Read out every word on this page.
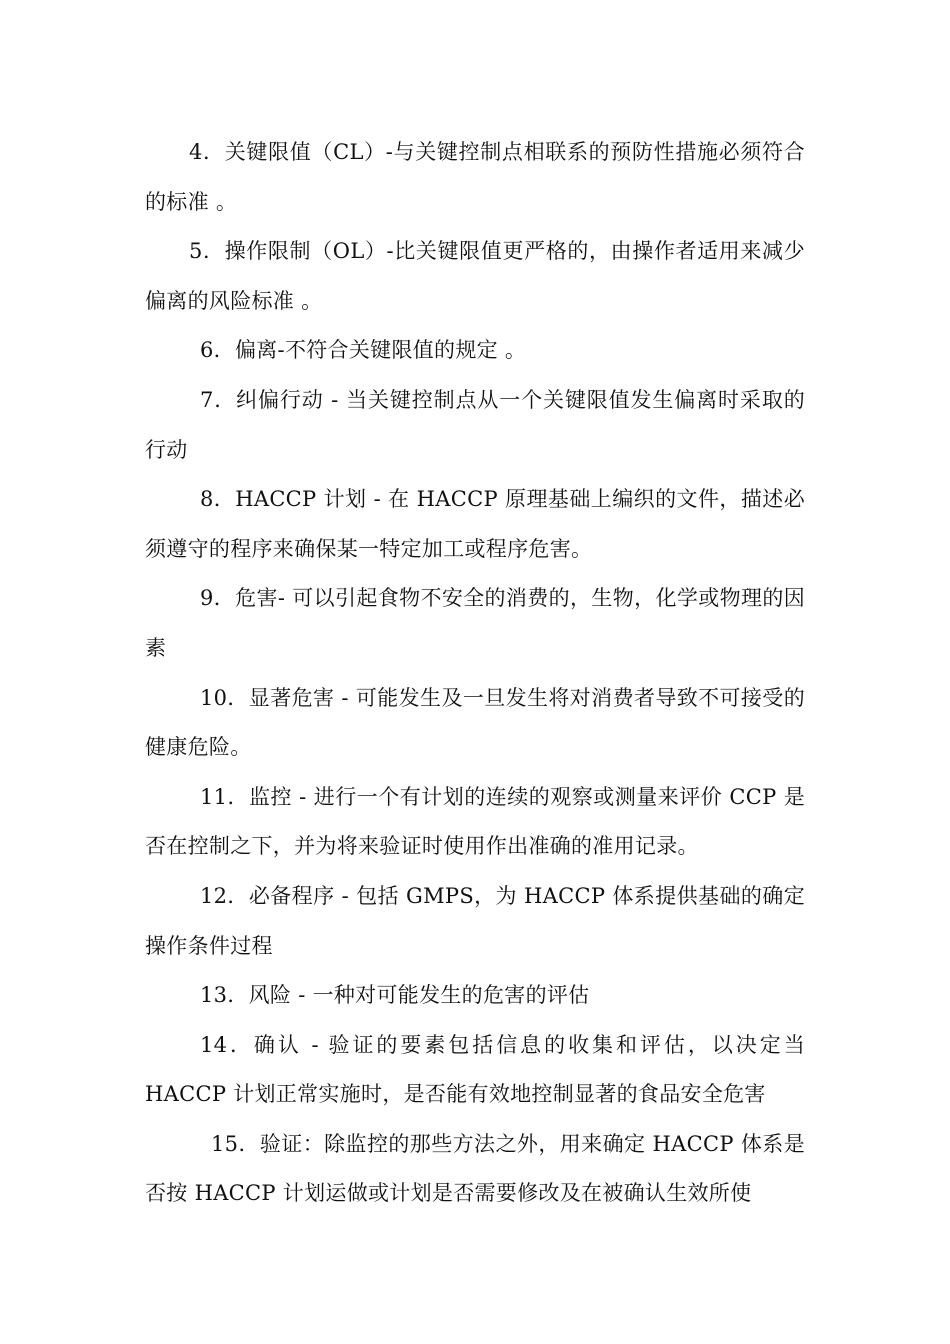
4．关键限值（CL）-与关键控制点相联系的预防性措施必须符合的标准 。

5．操作限制（OL）-比关键限值更严格的，由操作者适用来减少偏离的风险标准 。

6．偏离-不符合关键限值的规定 。

7．纠偏行动 - 当关键控制点从一个关键限值发生偏离时采取的行动

8．HACCP 计划 - 在 HACCP 原理基础上编织的文件，描述必须遵守的程序来确保某一特定加工或程序危害。

9．危害- 可以引起食物不安全的消费的，生物，化学或物理的因素

10．显著危害 - 可能发生及一旦发生将对消费者导致不可接受的健康危险。

11．监控 - 进行一个有计划的连续的观察或测量来评价 CCP 是否在控制之下，并为将来验证时使用作出准确的准用记录。

12．必备程序 - 包括 GMPS，为 HACCP 体系提供基础的确定操作条件过程

13．风险 - 一种对可能发生的危害的评估

14．确认 - 验证的要素包括信息的收集和评估，以决定当 HACCP 计划正常实施时，是否能有效地控制显著的食品安全危害

15．验证：除监控的那些方法之外，用来确定 HACCP 体系是否按 HACCP 计划运做或计划是否需要修改及在被确认生效所使
